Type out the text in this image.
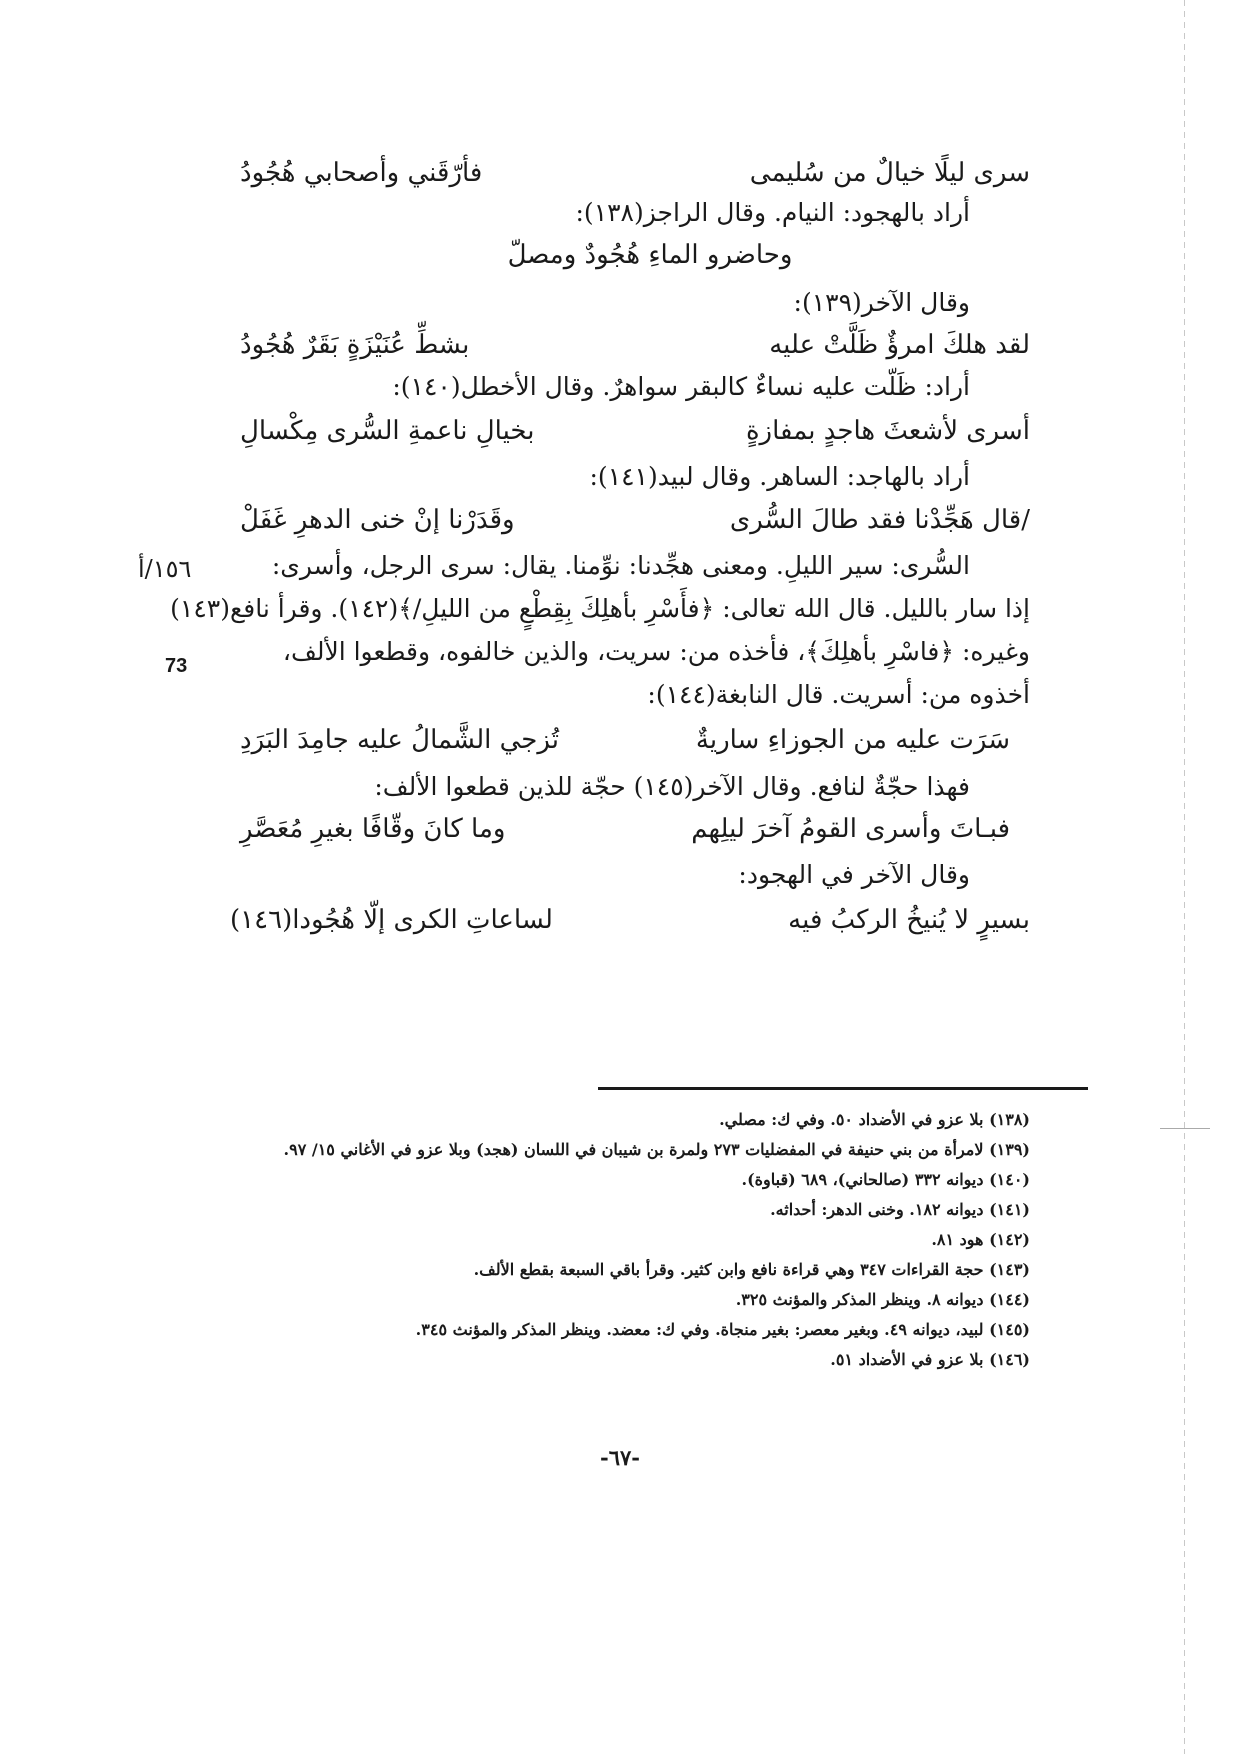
١٥٦/أ
73
سرى ليلًا خيالٌ من سُليمى
فأرّقَني وأصحابي هُجُودُ
أراد بالهجود: النيام. وقال الراجز(١٣٨):
وحاضرو الماءِ هُجُودٌ ومصلّ
وقال الآخر(١٣٩):
لقد هلكَ امرؤٌ ظَلَّتْ عليه
بشطِّ عُنَيْزَةٍ بَقَرٌ هُجُودُ
أراد: ظَلّت عليه نساءٌ كالبقر سواهرٌ. وقال الأخطل(١٤٠):
أسرى لأشعثَ هاجدٍ بمفازةٍ
بخيالِ ناعمةِ السُّرى مِكْسالِ
أراد بالهاجد: الساهر. وقال لبيد(١٤١):
/قال هَجِّدْنا فقد طالَ السُّرى
وقَدَرْنا إنْ خنى الدهرِ غَفَلْ
السُّرى: سير الليلِ. ومعنى هجِّدنا: نوِّمنا. يقال: سرى الرجل، وأسرى:
إذا سار بالليل. قال الله تعالى: ﴿فأَسْرِ بأهلِكَ بِقِطْعٍ من الليلِ/﴾(١٤٢). وقرأ نافع(١٤٣)
وغيره: ﴿فاسْرِ بأهلِكَ﴾، فأخذه من: سريت، والذين خالفوه، وقطعوا الألف،
أخذوه من: أسريت. قال النابغة(١٤٤):
سَرَت عليه من الجوزاءِ ساريةٌ
تُزجي الشَّمالُ عليه جامِدَ البَرَدِ
فهذا حجّةٌ لنافع. وقال الآخر(١٤٥) حجّة للذين قطعوا الألف:
فبـاتَ وأسرى القومُ آخرَ ليلِهم
وما كانَ وقّافًا بغيرِ مُعَصَّرِ
وقال الآخر في الهجود:
بسيرٍ لا يُنيخُ الركبُ فيه
لساعاتِ الكرى إلّا هُجُودا(١٤٦)
(١٣٨) بلا عزو في الأضداد ٥٠. وفي ك: مصلي.
(١٣٩) لامرأة من بني حنيفة في المفضليات ٢٧٣ ولمرة بن شيبان في اللسان (هجد) وبلا عزو في الأغاني ١٥/ ٩٧.
(١٤٠) ديوانه ٣٣٢ (صالحاني)، ٦٨٩ (قباوة).
(١٤١) ديوانه ١٨٢. وخنى الدهر: أحداثه.
(١٤٢) هود ٨١.
(١٤٣) حجة القراءات ٣٤٧ وهي قراءة نافع وابن كثير. وقرأ باقي السبعة بقطع الألف.
(١٤٤) ديوانه ٨. وينظر المذكر والمؤنث ٣٢٥.
(١٤٥) لبيد، ديوانه ٤٩. وبغير معصر: بغير منجاة. وفي ك: معضد. وينظر المذكر والمؤنث ٣٤٥.
(١٤٦) بلا عزو في الأضداد ٥١.
-٦٧-
